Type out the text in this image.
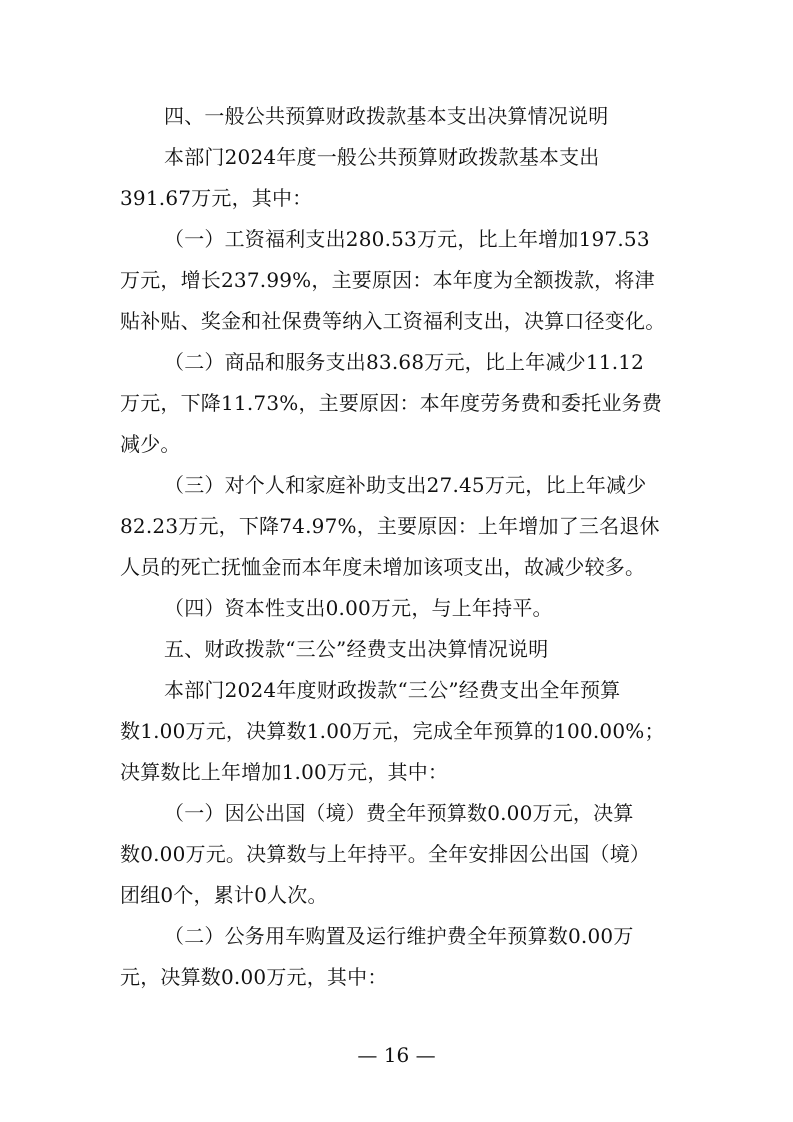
四、一般公共预算财政拨款基本支出决算情况说明
本部门2024年度一般公共预算财政拨款基本支出
391.67万元，其中：
（一）工资福利支出280.53万元，比上年增加197.53
万元，增长237.99%，主要原因：本年度为全额拨款，将津
贴补贴、奖金和社保费等纳入工资福利支出，决算口径变化。
（二）商品和服务支出83.68万元，比上年减少11.12
万元，下降11.73%，主要原因：本年度劳务费和委托业务费
减少。
（三）对个人和家庭补助支出27.45万元，比上年减少
82.23万元，下降74.97%，主要原因：上年增加了三名退休
人员的死亡抚恤金而本年度未增加该项支出，故减少较多。
（四）资本性支出0.00万元，与上年持平。
五、财政拨款“三公”经费支出决算情况说明
本部门2024年度财政拨款“三公”经费支出全年预算
数1.00万元，决算数1.00万元，完成全年预算的100.00%；
决算数比上年增加1.00万元，其中：
（一）因公出国（境）费全年预算数0.00万元，决算
数0.00万元。决算数与上年持平。全年安排因公出国（境）
团组0个，累计0人次。
（二）公务用车购置及运行维护费全年预算数0.00万
元，决算数0.00万元，其中：
— 16 —
